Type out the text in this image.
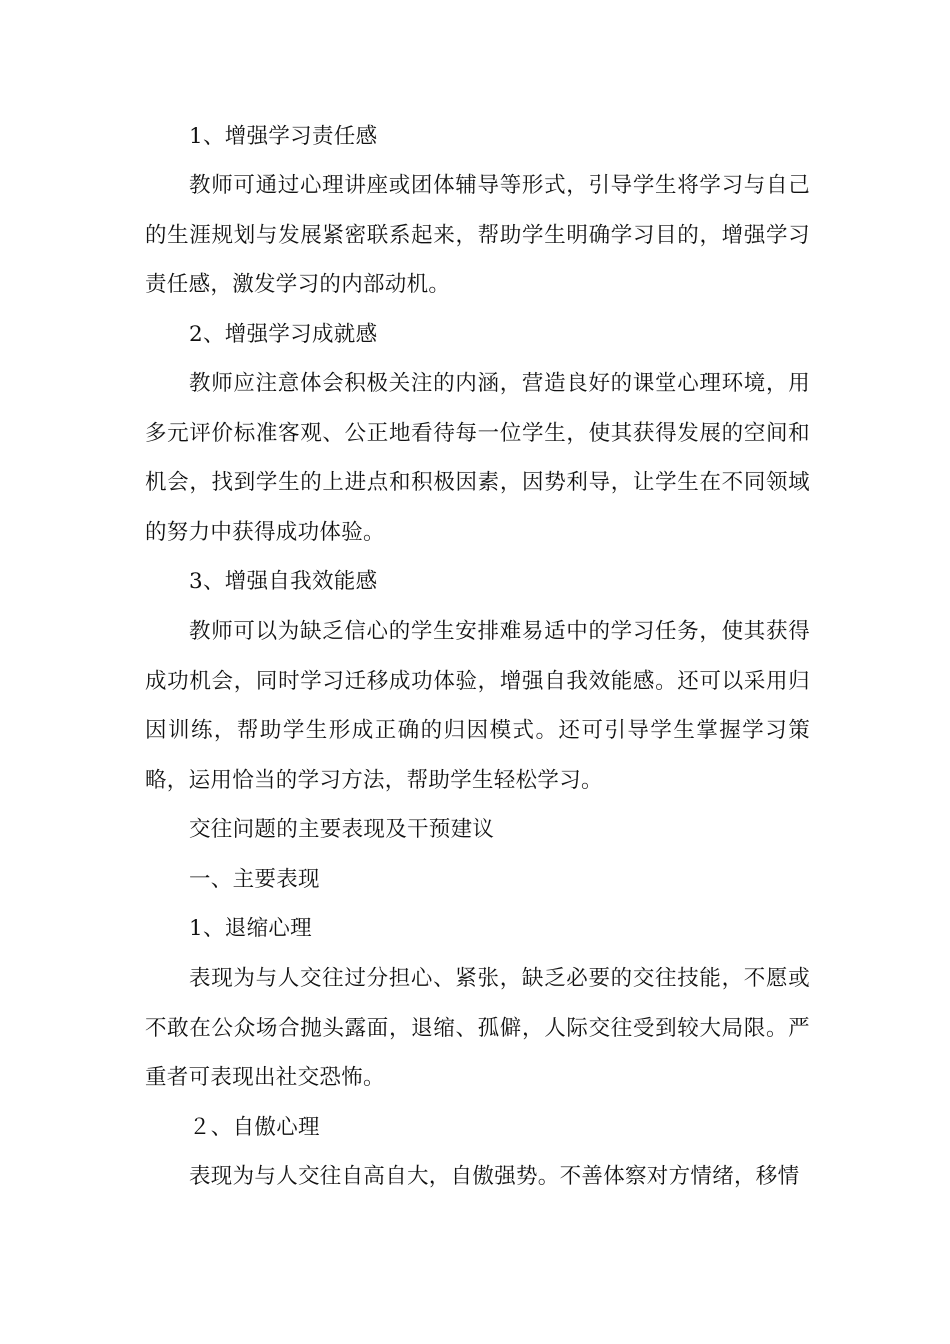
1、增强学习责任感

教师可通过心理讲座或团体辅导等形式，引导学生将学习与自己的生涯规划与发展紧密联系起来，帮助学生明确学习目的，增强学习责任感，激发学习的内部动机。

2、增强学习成就感

教师应注意体会积极关注的内涵，营造良好的课堂心理环境，用多元评价标准客观、公正地看待每一位学生，使其获得发展的空间和机会，找到学生的上进点和积极因素，因势利导，让学生在不同领域的努力中获得成功体验。

3、增强自我效能感

教师可以为缺乏信心的学生安排难易适中的学习任务，使其获得成功机会，同时学习迁移成功体验，增强自我效能感。还可以采用归因训练，帮助学生形成正确的归因模式。还可引导学生掌握学习策略，运用恰当的学习方法，帮助学生轻松学习。

交往问题的主要表现及干预建议

一、主要表现

1、退缩心理

表现为与人交往过分担心、紧张，缺乏必要的交往技能，不愿或不敢在公众场合抛头露面，退缩、孤僻，人际交往受到较大局限。严重者可表现出社交恐怖。

２、自傲心理

表现为与人交往自高自大，自傲强势。不善体察对方情绪，移情
